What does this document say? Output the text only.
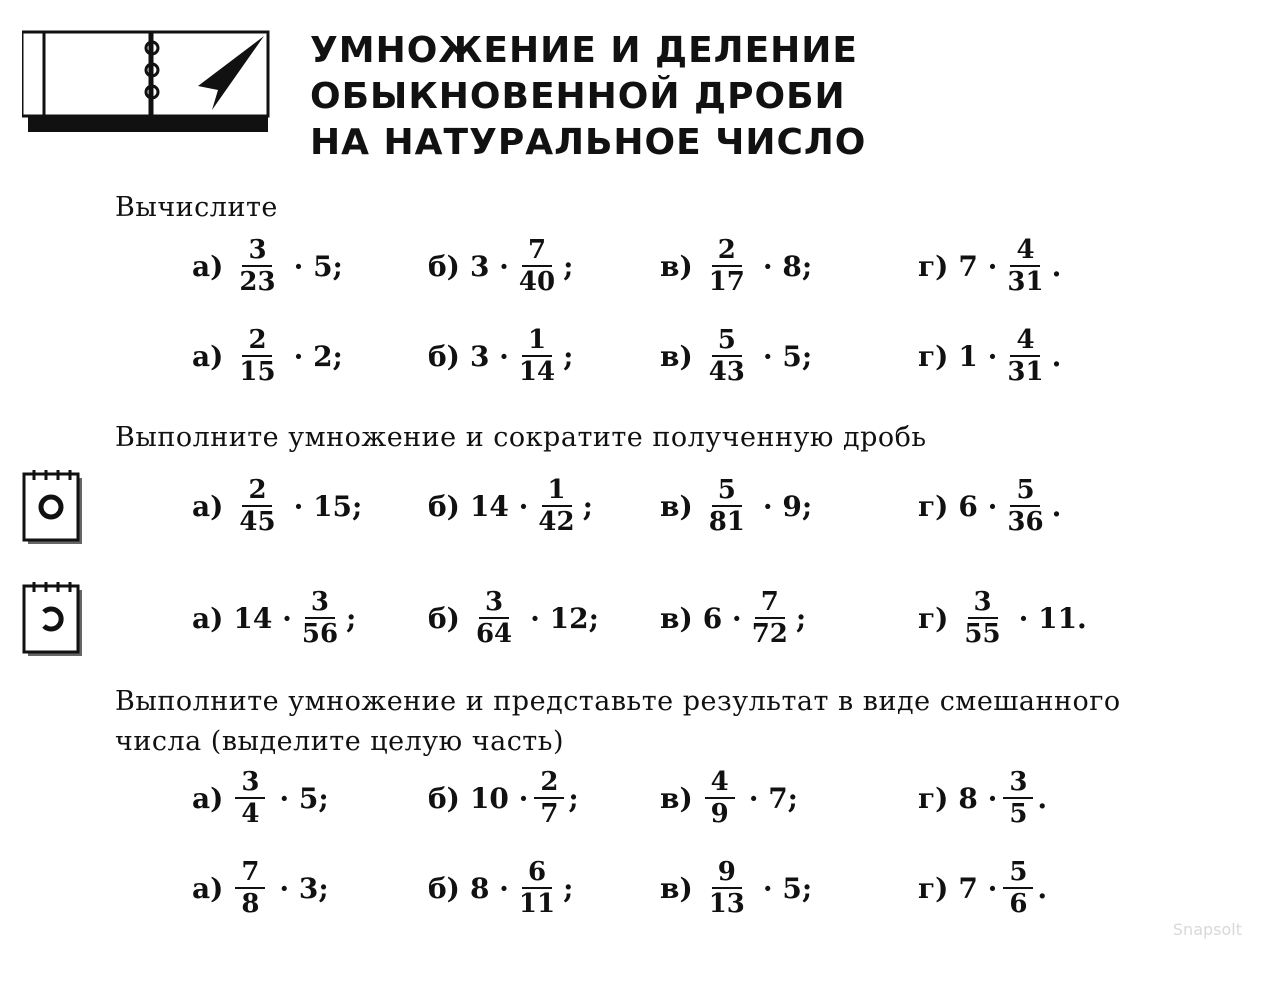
УМНОЖЕНИЕ И ДЕЛЕНИЕ
ОБЫКНОВЕННОЙ ДРОБИ
НА НАТУРАЛЬНОЕ ЧИСЛО
Вычислите
$а) \frac{3}{23} \cdot 5$;	б) $3 \cdot \frac{7}{40}$ ;	$в) \frac{2}{17} \cdot 8$;	г) $7 \cdot \frac{4}{31}$ .
$а) \frac{2}{15} \cdot 2$;	б) $3 \cdot \frac{1}{14}$ ;	$в) \frac{5}{43} \cdot 5$;	г) $1 \cdot \frac{4}{31}$ .
Выполните умножение и сократите полученную дробь
$а) \frac{2}{45} \cdot 15$; б) $14 \cdot \frac{1}{42}$ ; $в) \frac{5}{81} \cdot 9$;	г) $6 \cdot \frac{5}{36}$ .
а) $14 \cdot \frac{3}{56}$ ;	$б) \frac{3}{64} \cdot 12$; в) $6 \cdot \frac{7}{72}$ ;	$г) \frac{3}{55} \cdot 11$.
Выполните умножение и представьте результат в виде смешанного
числа (выделите целую часть)
$а) \frac{3}{4} \cdot 5$;	б) $10 \cdot \frac{2}{7}$ ;	$в) \frac{4}{9} \cdot 7$;	г) $8 \cdot \frac{3}{5}$ .
$а) \frac{7}{8} \cdot 3$;	б) $8 \cdot \frac{6}{11}$ ;	$в) \frac{9}{13} \cdot 5$;	г) $7 \cdot \frac{5}{6}$ .
Snapsolt
